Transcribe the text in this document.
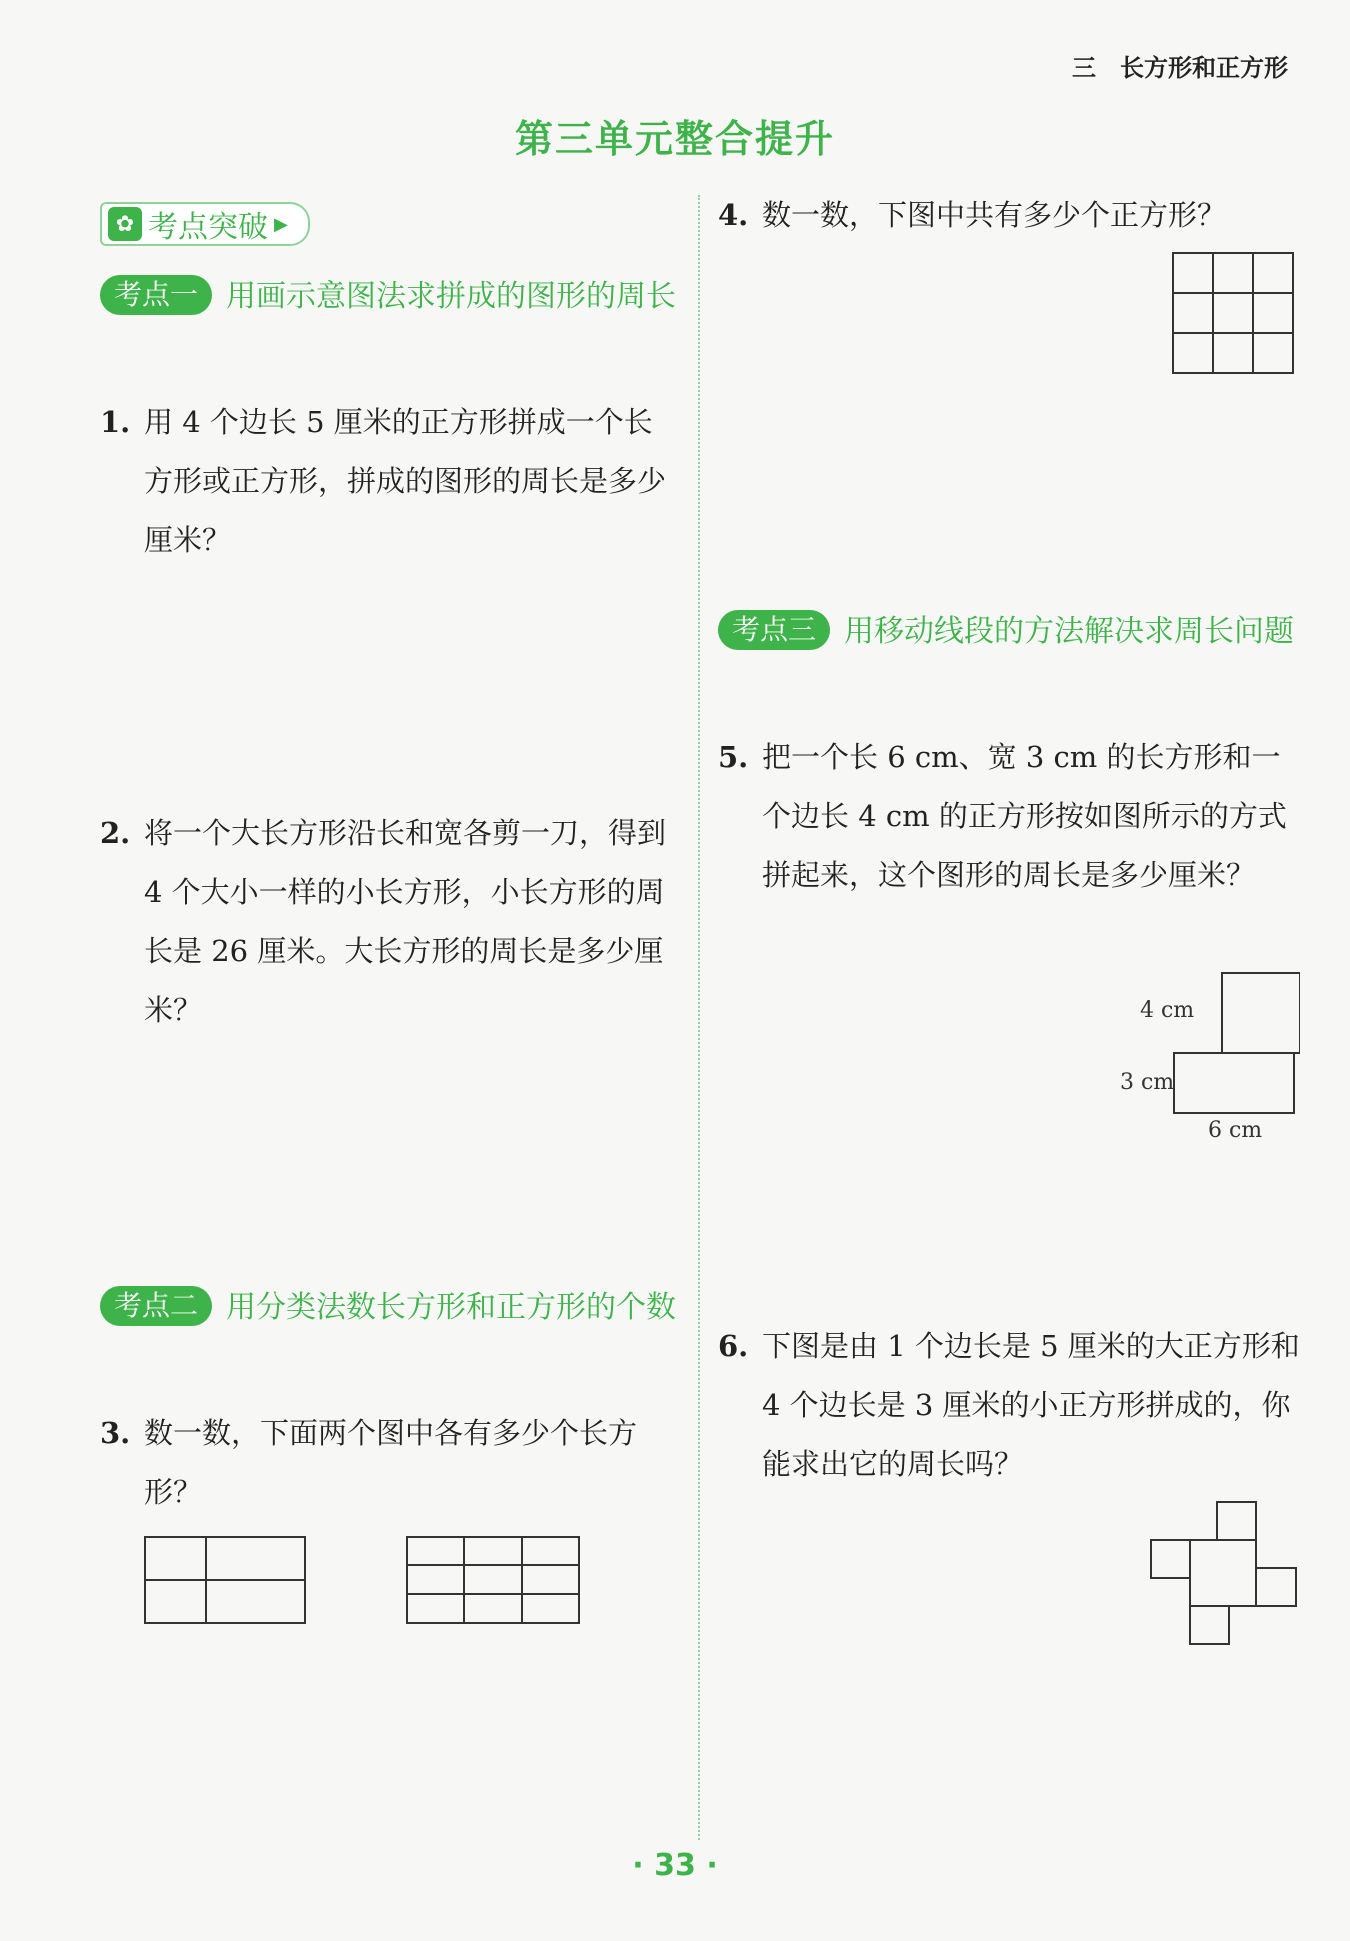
三 长方形和正方形
第三单元整合提升
✿ 考点突破 ▶
考点一 用画示意图法求拼成的图形的周长
1. 用 4 个边长 5 厘米的正方形拼成一个长方形或正方形，拼成的图形的周长是多少厘米？
2. 将一个大长方形沿长和宽各剪一刀，得到 4 个大小一样的小长方形，小长方形的周长是 26 厘米。大长方形的周长是多少厘米？
考点二 用分类法数长方形和正方形的个数
3. 数一数，下面两个图中各有多少个长方形？
4. 数一数，下图中共有多少个正方形？
考点三 用移动线段的方法解决求周长问题
5. 把一个长 6 cm、宽 3 cm 的长方形和一个边长 4 cm 的正方形按如图所示的方式拼起来，这个图形的周长是多少厘米？
4 cm
3 cm
6 cm
6. 下图是由 1 个边长是 5 厘米的大正方形和 4 个边长是 3 厘米的小正方形拼成的，你能求出它的周长吗？
· 33 ·
